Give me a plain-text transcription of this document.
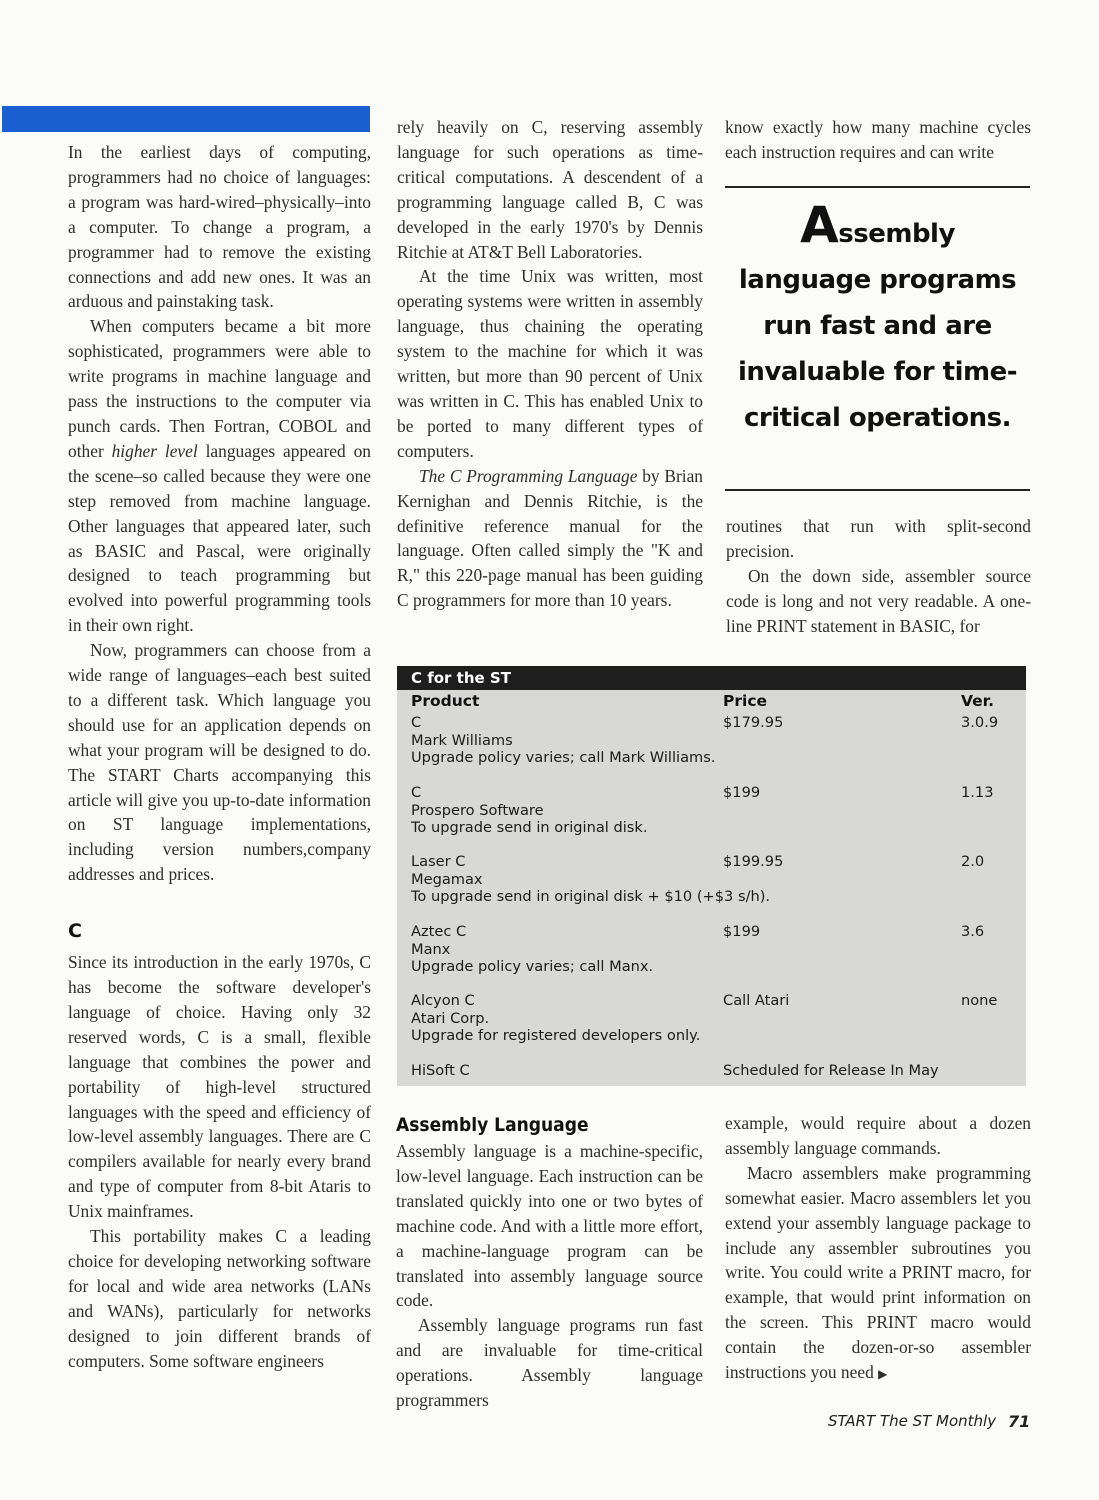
In the earliest days of computing, programmers had no choice of languages: a program was hard-wired–physically–into a computer. To change a program, a programmer had to remove the existing connections and add new ones. It was an arduous and painstaking task.

When computers became a bit more sophisticated, programmers were able to write programs in machine language and pass the instructions to the computer via punch cards. Then Fortran, COBOL and other higher level languages appeared on the scene–so called because they were one step removed from machine language. Other languages that appeared later, such as BASIC and Pascal, were originally designed to teach programming but evolved into powerful programming tools in their own right.

Now, programmers can choose from a wide range of languages–each best suited to a different task. Which language you should use for an application depends on what your program will be designed to do. The START Charts accompanying this article will give you up-to-date information on ST language implementations, including version numbers,company addresses and prices.

C

Since its introduction in the early 1970s, C has become the software developer's language of choice. Having only 32 reserved words, C is a small, flexible language that combines the power and portability of high-level structured languages with the speed and efficiency of low-level assembly languages. There are C compilers available for nearly every brand and type of computer from 8-bit Ataris to Unix mainframes.

This portability makes C a leading choice for developing networking software for local and wide area networks (LANs and WANs), particularly for networks designed to join different brands of computers. Some software engineers

rely heavily on C, reserving assembly language for such operations as time-critical computations. A descendent of a programming language called B, C was developed in the early 1970's by Dennis Ritchie at AT&T Bell Laboratories.

At the time Unix was written, most operating systems were written in assembly language, thus chaining the operating system to the machine for which it was written, but more than 90 percent of Unix was written in C. This has enabled Unix to be ported to many different types of computers.

The C Programming Language by Brian Kernighan and Dennis Ritchie, is the definitive reference manual for the language. Often called simply the "K and R," this 220-page manual has been guiding C programmers for more than 10 years.

know exactly how many machine cycles each instruction requires and can write

Assembly language programs run fast and are invaluable for time-critical operations.

routines that run with split-second precision.

On the down side, assembler source code is long and not very readable. A one-line PRINT statement in BASIC, for

C for the ST
Product	Price	Ver.
C
Mark Williams
Upgrade policy varies; call Mark Williams.
$179.95	3.0.9
C
Prospero Software
To upgrade send in original disk.
$199	1.13
Laser C
Megamax
To upgrade send in original disk + $10 (+$3 s/h).
$199.95	2.0
Aztec C
Manx
Upgrade policy varies; call Manx.
$199	3.6
Alcyon C
Atari Corp.
Upgrade for registered developers only.
Call Atari	none
HiSoft C	Scheduled for Release In May

Assembly Language

Assembly language is a machine-specific, low-level language. Each instruction can be translated quickly into one or two bytes of machine code. And with a little more effort, a machine-language program can be translated into assembly language source code.

Assembly language programs run fast and are invaluable for time-critical operations. Assembly language programmers

example, would require about a dozen assembly language commands.

Macro assemblers make programming somewhat easier. Macro assemblers let you extend your assembly language package to include any assembler subroutines you write. You could write a PRINT macro, for example, that would print information on the screen. This PRINT macro would contain the dozen-or-so assembler instructions you need ▶

START The ST Monthly 71
